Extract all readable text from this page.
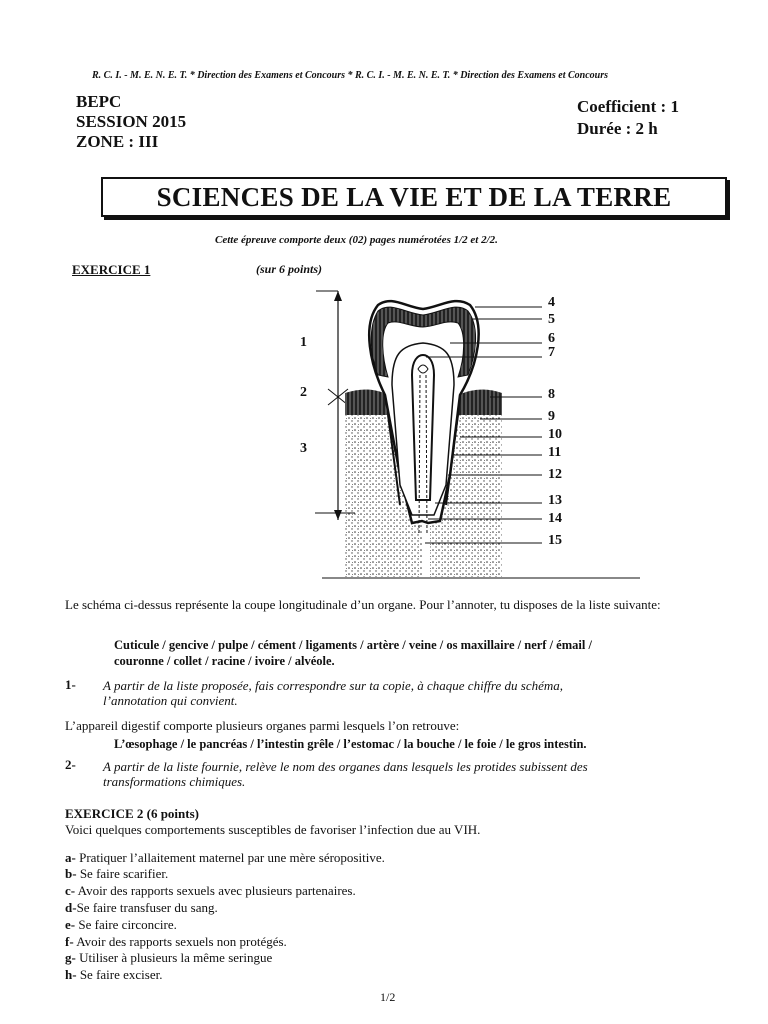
R. C. I. - M. E. N. E. T. * Direction des Examens et Concours * R. C. I. - M. E. N. E. T. * Direction des Examens et Concours
BEPC
SESSION 2015
ZONE : III
Coefficient : 1
Durée : 2 h
SCIENCES DE LA VIE ET DE LA TERRE
Cette épreuve comporte deux (02) pages numérotées 1/2 et 2/2.
EXERCICE 1	(sur 6 points)
1
2
3
4
5
6
7
8
9
10
11
12
13
14
15
Le schéma ci-dessus représente la coupe longitudinale d’un organe. Pour l’annoter, tu disposes de la liste suivante:
Cuticule / gencive / pulpe / cément / ligaments / artère / veine / os maxillaire / nerf / émail /
couronne / collet / racine / ivoire / alvéole.
1- A partir de la liste proposée, fais correspondre sur ta copie, à chaque chiffre du schéma,
l’annotation qui convient.
L’appareil digestif comporte plusieurs organes parmi lesquels l’on retrouve:
L’œsophage / le pancréas / l’intestin grêle / l’estomac / la bouche / le foie / le gros intestin.
2- A partir de la liste fournie, relève le nom des organes dans lesquels les protides subissent des
transformations chimiques.
EXERCICE 2 (6 points)
Voici quelques comportements susceptibles de favoriser l’infection due au VIH.
a- Pratiquer l’allaitement maternel par une mère séropositive.
b- Se faire scarifier.
c- Avoir des rapports sexuels avec plusieurs partenaires.
d-Se faire transfuser du sang.
e- Se faire circoncire.
f- Avoir des rapports sexuels non protégés.
g- Utiliser à plusieurs la même seringue
h- Se faire exciser.
1/2
